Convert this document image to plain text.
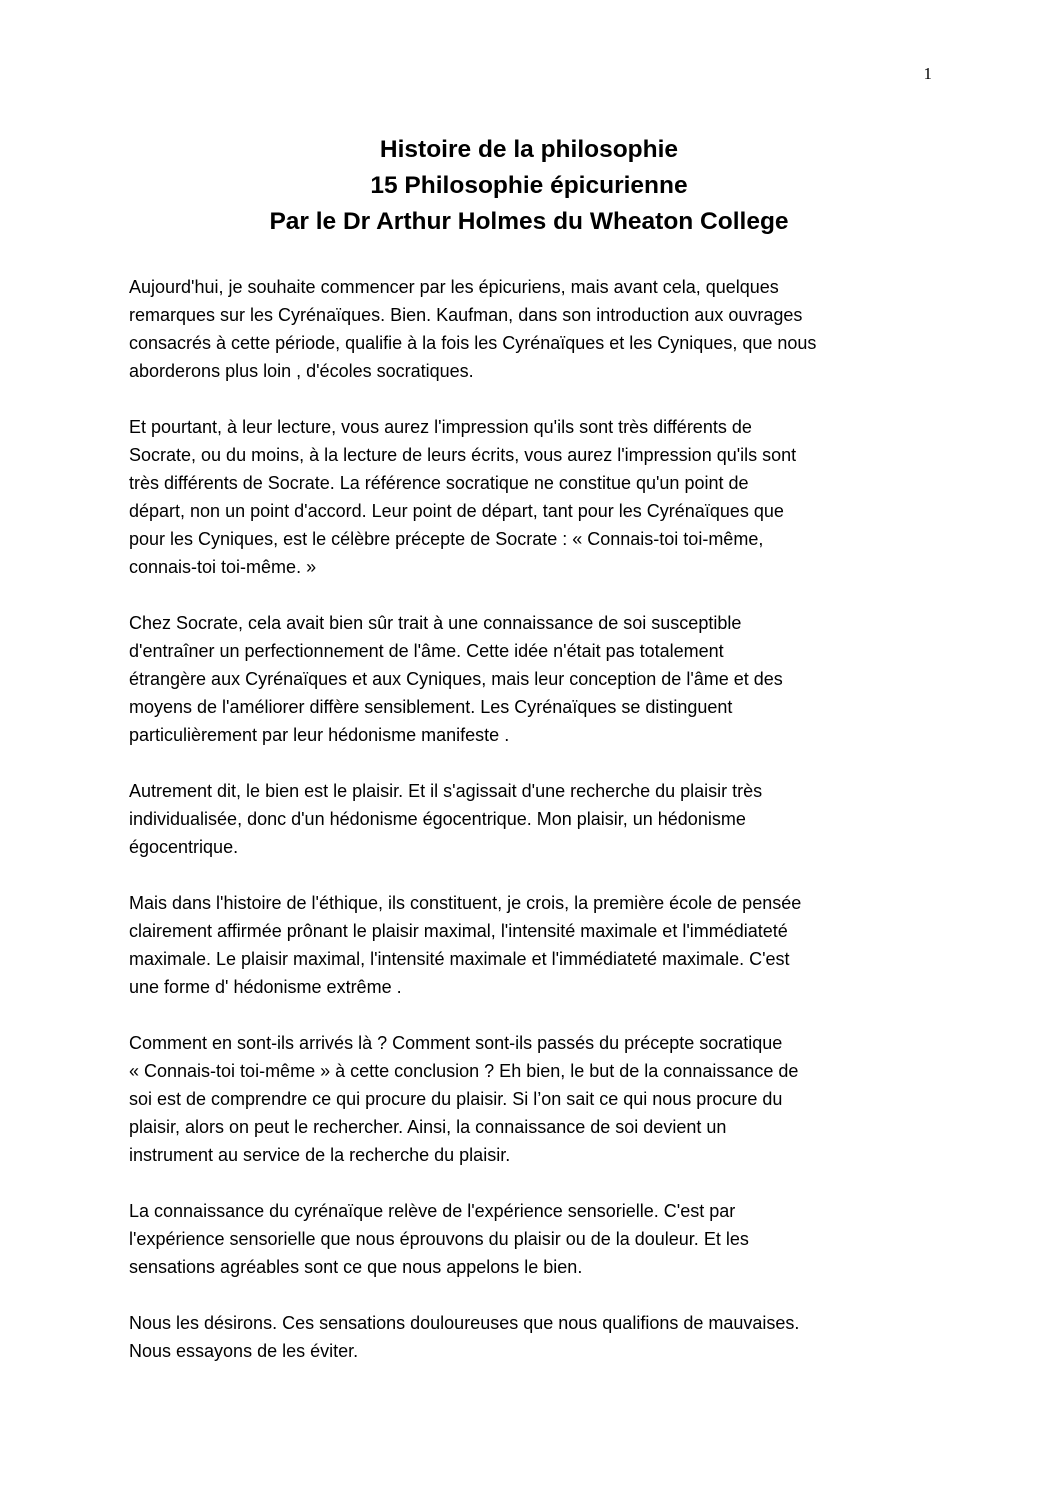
1
Histoire de la philosophie
15 Philosophie épicurienne
Par le Dr Arthur Holmes du Wheaton College

Aujourd'hui, je souhaite commencer par les épicuriens, mais avant cela, quelques
remarques sur les Cyrénaïques. Bien. Kaufman, dans son introduction aux ouvrages
consacrés à cette période, qualifie à la fois les Cyrénaïques et les Cyniques, que nous
aborderons plus loin , d'écoles socratiques.

Et pourtant, à leur lecture, vous aurez l'impression qu'ils sont très différents de
Socrate, ou du moins, à la lecture de leurs écrits, vous aurez l'impression qu'ils sont
très différents de Socrate. La référence socratique ne constitue qu'un point de
départ, non un point d'accord. Leur point de départ, tant pour les Cyrénaïques que
pour les Cyniques, est le célèbre précepte de Socrate : « Connais-toi toi-même,
connais-toi toi-même. »

Chez Socrate, cela avait bien sûr trait à une connaissance de soi susceptible
d'entraîner un perfectionnement de l'âme. Cette idée n'était pas totalement
étrangère aux Cyrénaïques et aux Cyniques, mais leur conception de l'âme et des
moyens de l'améliorer diffère sensiblement. Les Cyrénaïques se distinguent
particulièrement par leur hédonisme manifeste .

Autrement dit, le bien est le plaisir. Et il s'agissait d'une recherche du plaisir très
individualisée, donc d'un hédonisme égocentrique. Mon plaisir, un hédonisme
égocentrique.

Mais dans l'histoire de l'éthique, ils constituent, je crois, la première école de pensée
clairement affirmée prônant le plaisir maximal, l'intensité maximale et l'immédiateté
maximale. Le plaisir maximal, l'intensité maximale et l'immédiateté maximale. C'est
une forme d' hédonisme extrême .

Comment en sont-ils arrivés là ? Comment sont-ils passés du précepte socratique
« Connais-toi toi-même » à cette conclusion ? Eh bien, le but de la connaissance de
soi est de comprendre ce qui procure du plaisir. Si l’on sait ce qui nous procure du
plaisir, alors on peut le rechercher. Ainsi, la connaissance de soi devient un
instrument au service de la recherche du plaisir.

La connaissance du cyrénaïque relève de l'expérience sensorielle. C'est par
l'expérience sensorielle que nous éprouvons du plaisir ou de la douleur. Et les
sensations agréables sont ce que nous appelons le bien.

Nous les désirons. Ces sensations douloureuses que nous qualifions de mauvaises.
Nous essayons de les éviter.
